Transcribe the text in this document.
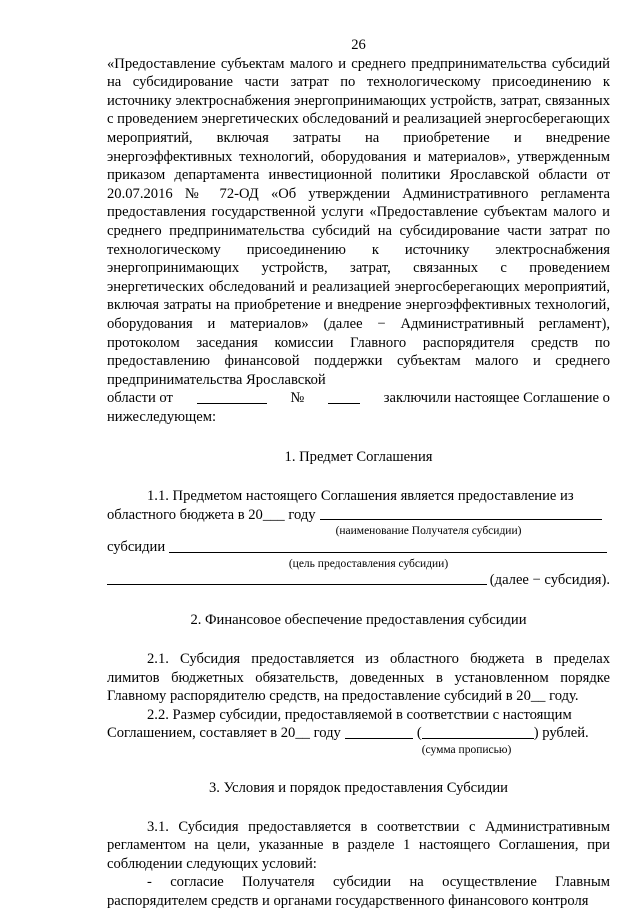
26

«Предоставление субъектам малого и среднего предпринимательства субсидий на субсидирование части затрат по технологическому присоединению к источнику электроснабжения энергопринимающих устройств, затрат, связанных с проведением энергетических обследований и реализацией энергосберегающих мероприятий, включая затраты на приобретение и внедрение энергоэффективных технологий, оборудования и материалов», утвержденным приказом департамента инвестиционной политики Ярославской области от 20.07.2016 № 72-ОД «Об утверждении Административного регламента предоставления государственной услуги «Предоставление субъектам малого и среднего предпринимательства субсидий на субсидирование части затрат по технологическому присоединению к источнику электроснабжения энергопринимающих устройств, затрат, связанных с проведением энергетических обследований и реализацией энергосберегающих мероприятий, включая затраты на приобретение и внедрение энергоэффективных технологий, оборудования и материалов» (далее − Административный регламент), протоколом заседания комиссии Главного распорядителя средств по предоставлению финансовой поддержки субъектам малого и среднего предпринимательства Ярославской

области от	№	заключили настоящее Соглашение о

нижеследующем:

1. Предмет Соглашения

1.1. Предметом настоящего Соглашения является предоставление из

областного бюджета в 20___ году
(наименование Получателя субсидии)
субсидии
(цель предоставления субсидии)
(далее − субсидия).
2. Финансовое обеспечение предоставления субсидии

2.1. Субсидия предоставляется из областного бюджета в пределах лимитов бюджетных обязательств, доведенных в установленном порядке Главному распорядителю средств, на предоставление субсидий в 20__ году.

2.2. Размер субсидии, предоставляемой в соответствии с настоящим

Соглашением, составляет в 20__ году	(	) рублей.
(сумма прописью)
3. Условия и порядок предоставления Субсидии

3.1. Субсидия предоставляется в соответствии с Административным регламентом на цели, указанные в разделе 1 настоящего Соглашения, при соблюдении следующих условий:

- согласие Получателя субсидии на осуществление Главным распорядителем средств и органами государственного финансового контроля
